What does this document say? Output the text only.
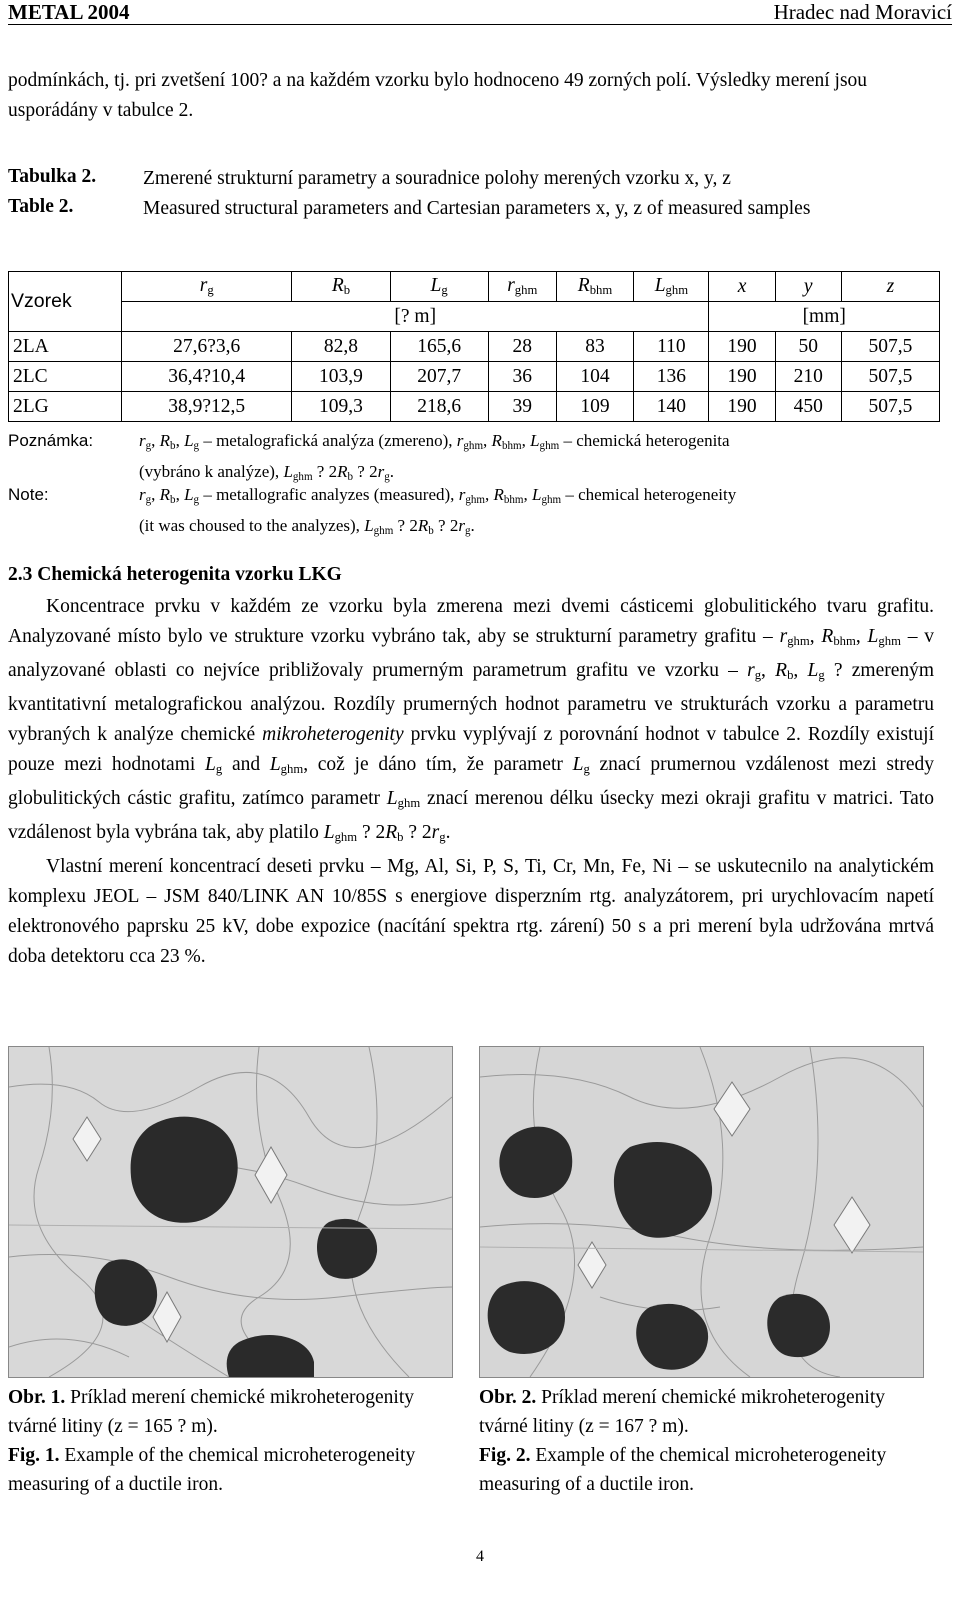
METAL 2004	Hradec nad Moravicí

podmínkách, tj. pri zvetšení 100? a na každém vzorku bylo hodnoceno 49 zorných polí. Výsledky merení jsou usporádány v tabulce 2.

Tabulka 2. Zmerené strukturní parametry a souradnice polohy merených vzorku x, y, z
Table 2.	Measured structural parameters and Cartesian parameters x, y, z of measured samples
Vzorek	$r_g$	$R_b$	$L_g$	$r_{ghm}$	$R_{bhm}$	$L_{ghm}$	x	y	z
	[? m]						[mm]		
2LA	27,6?3,6	82,8	165,6	28	83	110	190	50	507,5
2LC	36,4?10,4	103,9	207,7	36	104	136	190	210	507,5
2LG	38,9?12,5	109,3	218,6	39	109	140	190	450	507,5
Poznámka:	$r_g$, $R_b$, $L_g$ – metalografická analýza (zmereno), $r_{ghm}$, $R_{bhm}$, $L_{ghm}$ – chemická heterogenita
(vybráno k analýze), $L_{ghm}$ ? $2R_b$ ? $2r_g$.
Note:	$r_g$, $R_b$, $L_g$ – metallografic analyzes (measured), $r_{ghm}$, $R_{bhm}$, $L_{ghm}$ – chemical heterogeneity
(it was choused to the analyzes), $L_{ghm}$ ? $2R_b$ ? $2r_g$.
2.3 Chemická heterogenita vzorku LKG

Koncentrace prvku v každém ze vzorku byla zmerena mezi dvemi cásticemi globulitického tvaru grafitu. Analyzované místo bylo ve strukture vzorku vybráno tak, aby se strukturní parametry grafitu – $r_{ghm}$, $R_{bhm}$, $L_{ghm}$ – v analyzované oblasti co nejvíce približovaly prumerným parametrum grafitu ve vzorku – $r_g$, $R_b$, $L_g$ ? zmereným kvantitativní metalografickou analýzou. Rozdíly prumerných hodnot parametru ve strukturách vzorku a parametru vybraných k analýze chemické mikroheterogenity prvku vyplývají z porovnání hodnot v tabulce 2. Rozdíly existují pouze mezi hodnotami $L_g$ and $L_{ghm}$, což je dáno tím, že parametr $L_g$ znací prumernou vzdálenost mezi stredy globulitických cástic grafitu, zatímco parametr $L_{ghm}$ znací merenou délku úsecky mezi okraji grafitu v matrici. Tato vzdálenost byla vybrána tak, aby platilo $L_{ghm}$ ? $2R_b$ ? $2r_g$.

Vlastní merení koncentrací deseti prvku – Mg, Al, Si, P, S, Ti, Cr, Mn, Fe, Ni – se uskutecnilo na analytickém komplexu JEOL – JSM 840/LINK AN 10/85S s energiove disperzním rtg. analyzátorem, pri urychlovacím napetí elektronového paprsku 25 kV, dobe expozice (nacítání spektra rtg. zárení) 50 s a pri merení byla udržována mrtvá doba detektoru cca 23 %.

Obr. 1. Príklad merení chemické mikroheterogenity tvárné litiny (z = 165 ? m).
Fig. 1. Example of the chemical microheterogeneity measuring of a ductile iron.
Obr. 2. Príklad merení chemické mikroheterogenity tvárné litiny (z = 167 ? m).
Fig. 2. Example of the chemical microheterogeneity measuring of a ductile iron.
4
